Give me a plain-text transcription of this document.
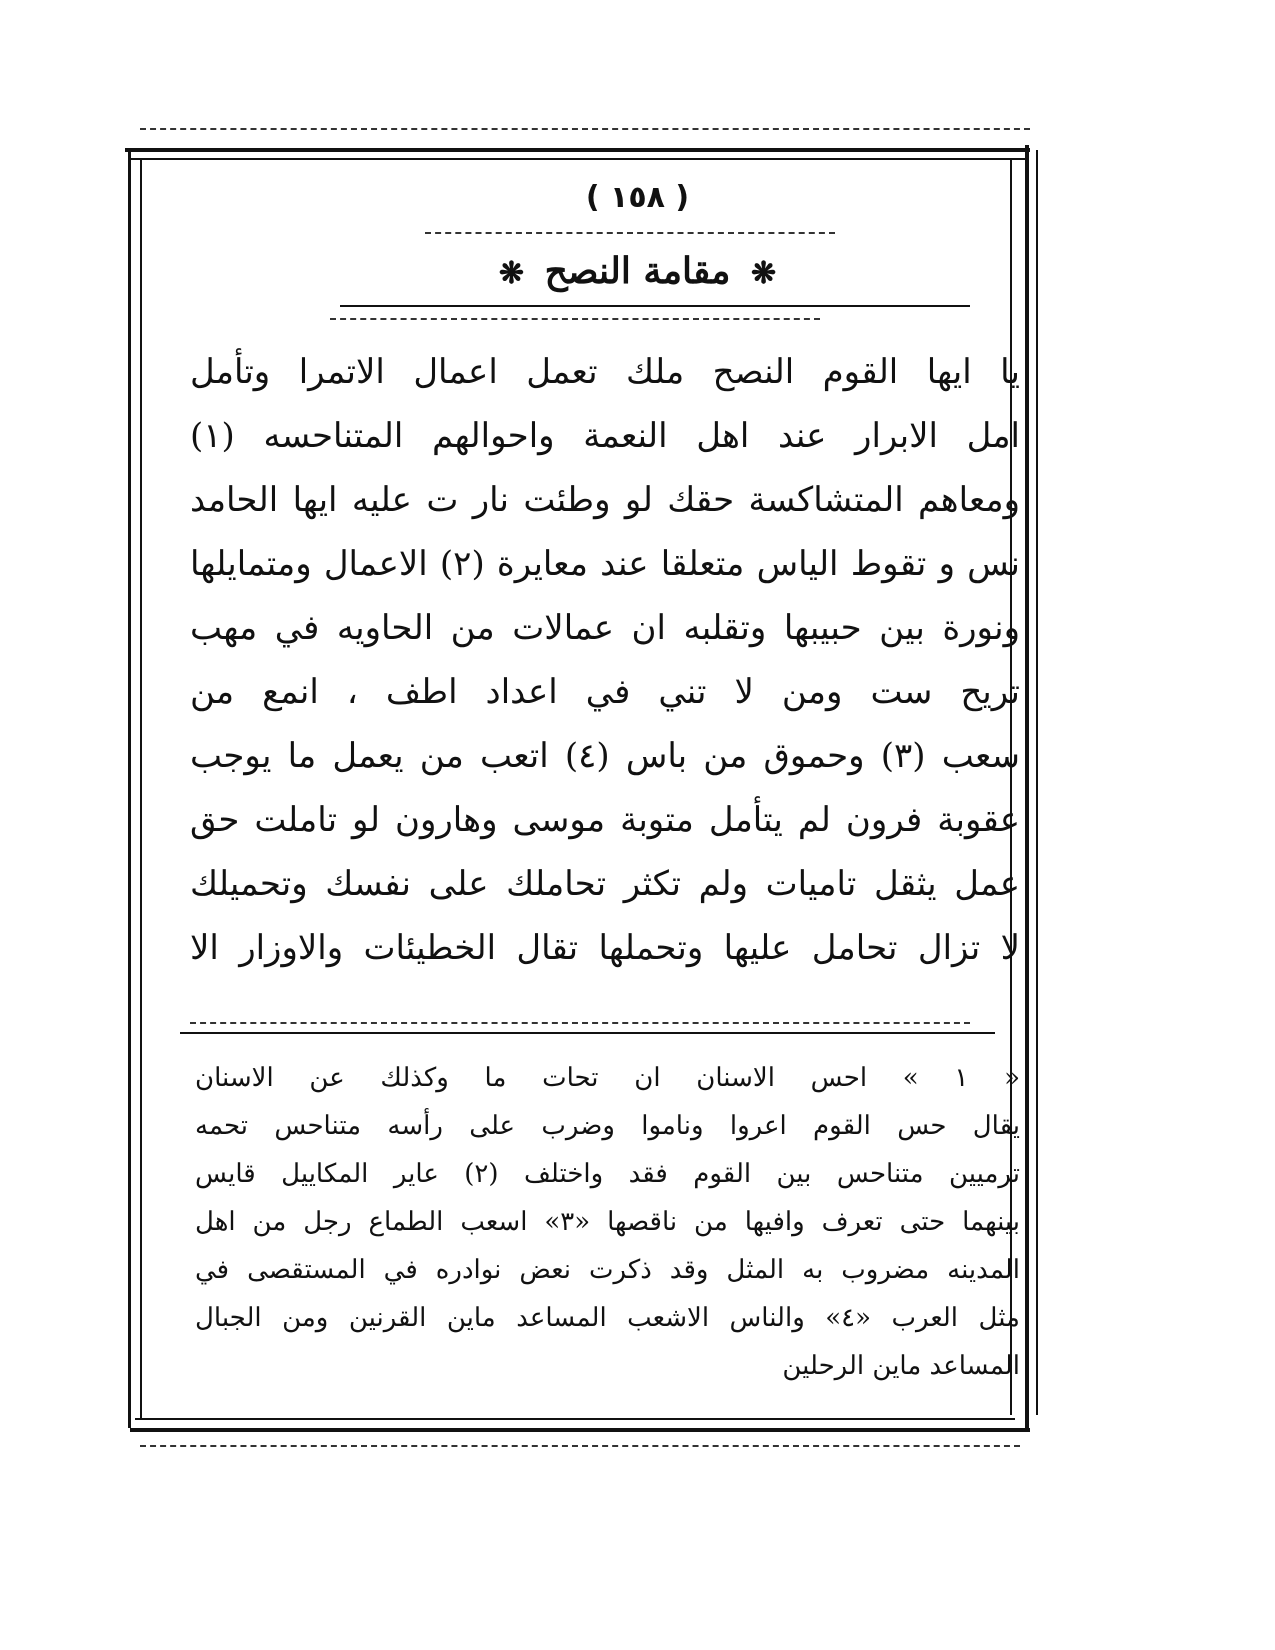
( ١٥٨ )
❋ مقامة النصح ❋
يا ايها القوم النصح ملك تعمل اعمال الاتمرا وتأمل
امل الابرار عند اهل النعمة واحوالهم المتناحسه (١)
ومعاهم المتشاكسة حقك لو وطئت نار ت عليه ايها الحامد
نس و تقوط الياس متعلقا عند معايرة (٢) الاعمال ومتمايلها
ونورة بين حبيبها وتقلبه ان عمالات من الحاويه في مهب
تريح ست ومن لا تني في اعداد اطف ، انمع من
سعب (٣) وحموق من باس (٤) اتعب من يعمل ما يوجب
عقوبة فرون لم يتأمل متوبة موسى وهارون لو تاملت حق
عمل يثقل تاميات ولم تكثر تحاملك على نفسك وتحميلك
لا تزال تحامل عليها وتحملها تقال الخطيئات والاوزار الا
« ١ » احس الاسنان ان تحات ما وكذلك عن الاسنان
يقال حس القوم اعروا وناموا وضرب على رأسه متناحس تحمه
ترميين متناحس بين القوم فقد واختلف (٢) عاير المكاييل قايس
بينهما حتى تعرف وافيها من ناقصها «٣» اسعب الطماع رجل من اهل
المدينه مضروب به المثل وقد ذكرت نعض نوادره في المستقصى في
مثل العرب «٤» والناس الاشعب المساعد ماين القرنين ومن الجبال
المساعد ماين الرحلين
